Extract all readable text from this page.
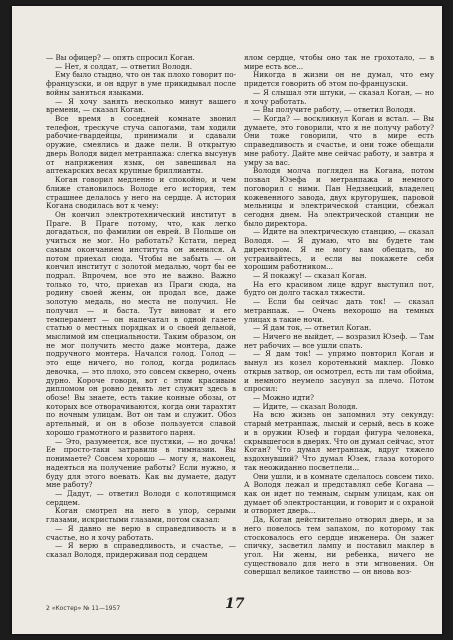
— Вы офицер? — опять спросил Коган.

— Нет, я солдат, — ответил Володя.

Ему было стыдно, что он так плохо говорит по-французски, и он вдруг в уме прикидывал после войны заняться языками.

— Я хочу занять несколько минут вашего времени, — сказал Коган.

Все время в соседней комнате звонил телефон, трескуче стуча сапогами, там ходили рабочие-гвардейцы, принимали и сдавали оружие, смеялись и даже пели. В открытую дверь Володя видел метранпажа: слегка высунув от напряжения язык, он завешивал на аптекарских весах крупные бриллианты.

Коган говорил медленно и спокойно, и чем ближе становилось Володе его история, тем страшнее делалось у него на сердце. А история Когана сводилась вот к чему:

Он кончил электротехнический институт в Праге. В Праге потому, что, как легко догадаться, по фамилии он еврей. В Польше он учиться не мог. Но работать? Кстати, перед самым окончанием института он женился. А потом приехал сюда. Чтобы не забыть — он кончил институт с золотой медалью, чорт бы ее подрал. Впрочем, все это не важно. Важно только то, что, приехав из Праги сюда, на родину своей жены, он продал все, даже золотую медаль, но места не получил. Не получил — и баста. Тут виноват и его темперамент — он напечатал в одной газете статью о местных порядках и о своей дельной, мыслимой им специальности. Таким образом, он не мог получить место даже монтера, даже подручного монтера. Начался голод. Голод — это еще ничего, но голод, когда родилась девочка, — это плохо, это совсем скверно, очень дурно. Короче говоря, вот с этим красивым дипломом он ровно девять лет служит здесь в обозе! Вы знаете, есть такие конные обозы, от которых все отворачиваются, когда они тарахтят по ночным улицам. Вот он там и служит. Обоз артельный, и он в обозе пользуется славой хорошо грамотного и развитого парня.

— Это, разумеется, все пустяки, — но дочка! Ее просто-таки затравили в гимназии. Вы понимаете? Совсем хорошо — могу я, наконец, надеяться на получение работы? Если нужно, я буду для этого воевать. Как вы думаете, дадут мне работу?

— Дадут, — ответил Володя с колотящимся сердцем.

Коган смотрел на него в упор, серыми глазами, искристыми глазами, потом сказал:

— Я давно не верю в справедливость и в счастье, но я хочу работать.

— Я верю в справедливость, и счастье, — сказал Володя, придерживая под сердцем

ялом сердце, чтобы оно так не грохотало, — в мире есть все...

Никогда в жизни он не думал, что ему придется говорить об этом по-французски.

— Я слышал эти штуки, — сказал Коган, — но я хочу работать.

— Вы получите работу, — ответил Володя.

— Когда? — воскликнул Коган и встал. — Вы думаете, это говорили, что я не получу работу? Они тоже говорили, что в мире есть справедливость и счастье, и они тоже обещали мне работу. Дайте мне сейчас работу, и завтра я умру за вас.

Володя молча поглядел на Когана, потом позвал Юзефа и метранпажа и немного поговорил с ними. Пан Недзвецкий, владелец кожевенного завода, двух кругорушек, паровой мельницы и электрической станции, сбежал сегодня днем. На электрической станции не было директора.

— Идите на электрическую станцию, — сказал Володя. — Я думаю, что вы будете там директором. Я не могу вам обещать, но устраивайтесь, и если вы покажете себя хорошим работником...

— Я покажу! — сказал Коган.

На его красивом лице вдруг выступил пот, будто он долго таскал тяжести.

— Если бы сейчас дать ток! — сказал метранпаж. — Очень нехорошо на темных улицах в такие ночи.

— Я дам ток, — ответил Коган.

— Ничего не выйдет, — возразил Юзеф. — Там нет рабочих — все ушли спать.

— Я дам ток! — упрямо повторил Коган и вынул из козел коротенький маклер. Ловко открыв затвор, он осмотрел, есть ли там обойма, и немного неумело засунул за плечо. Потом спросил:

— Можно идти?

— Идите, — сказал Володя.

На всю жизнь он запомнил эту секунду: старый метранпаж, лысый и серый, весь в коже и в оружии Юзеф и гордая фигура человека, скрывшегося в дверях. Что он думал сейчас, этот Коган? Что думал метранпаж, вдруг тяжело вздохнувший? Что думал Юзек, глаза которого так неожиданно посветлели...

Они ушли, и в комнате сделалось совсем тихо. А Володя лежал и представлял себе Когана — как он идет по темным, сырым улицам, как он думает об электростанции, и говорит и с охраной и отворяет дверь...

Да, Коган действительно отворил дверь, и за него повелось тем запахом, по которому так стосковалось его сердце инженера. Он зажег спичку, засветил лампу и поставил маклер в угол. Ни жены, ни ребенка, ничего не существовало для него в эти мгновения. Он совершал великое таинство — он вновь воз-

2 «Костер» № 11—1957	17
